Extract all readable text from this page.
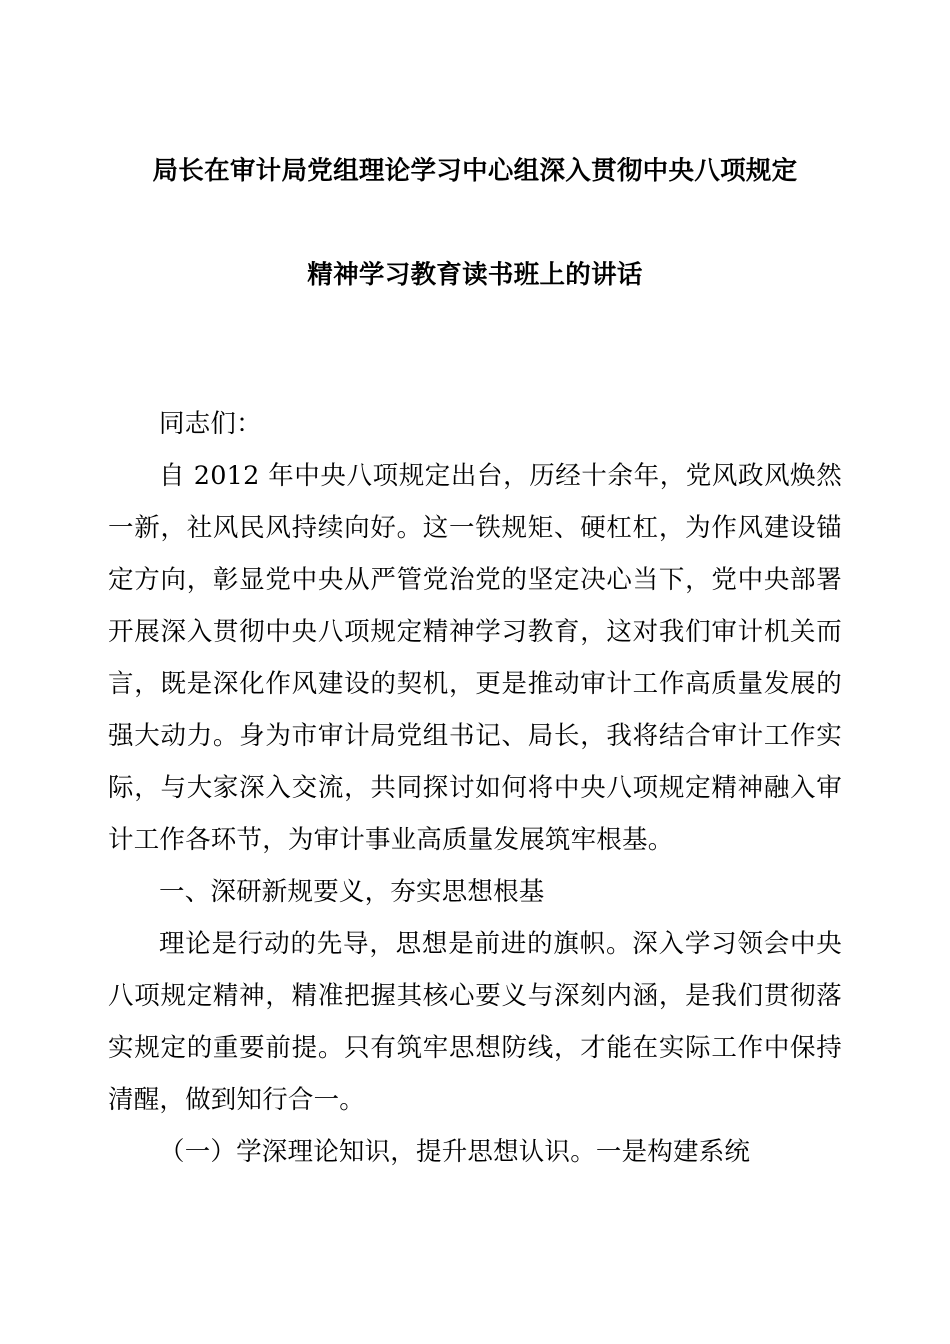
局长在审计局党组理论学习中心组深入贯彻中央八项规定
精神学习教育读书班上的讲话

同志们：

自 2012 年中央八项规定出台，历经十余年，党风政风焕然一新，社风民风持续向好。这一铁规矩、硬杠杠，为作风建设锚定方向，彰显党中央从严管党治党的坚定决心当下，党中央部署开展深入贯彻中央八项规定精神学习教育，这对我们审计机关而言，既是深化作风建设的契机，更是推动审计工作高质量发展的强大动力。身为市审计局党组书记、局长，我将结合审计工作实际，与大家深入交流，共同探讨如何将中央八项规定精神融入审计工作各环节，为审计事业高质量发展筑牢根基。

一、深研新规要义，夯实思想根基

理论是行动的先导，思想是前进的旗帜。深入学习领会中央八项规定精神，精准把握其核心要义与深刻内涵，是我们贯彻落实规定的重要前提。只有筑牢思想防线，才能在实际工作中保持清醒，做到知行合一。

（一）学深理论知识，提升思想认识。一是构建系统
